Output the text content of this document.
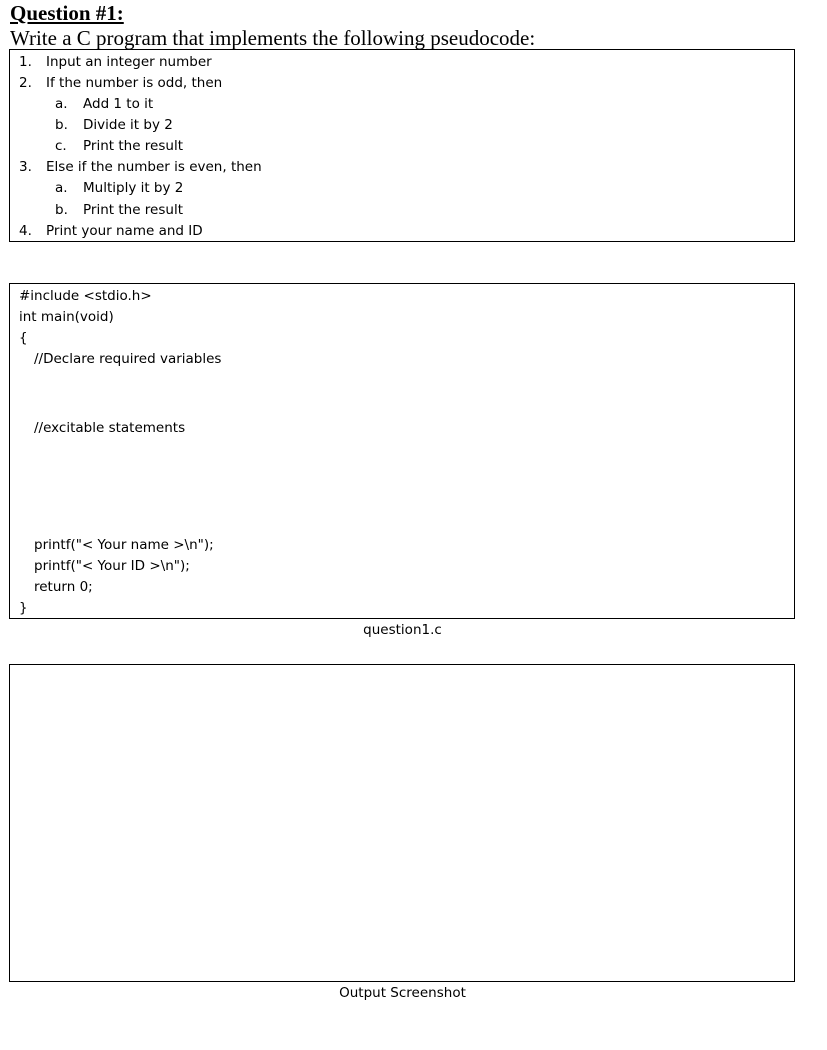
Question #1:
Write a C program that implements the following pseudocode:
1. Input an integer number
2. If the number is odd, then
a. Add 1 to it
b. Divide it by 2
c. Print the result
3. Else if the number is even, then
a. Multiply it by 2
b. Print the result
4. Print your name and ID
#include <stdio.h>
int main(void)
{
//Declare required variables
//excitable statements
printf("< Your name >\n");
printf("< Your ID >\n");
return 0;
}
question1.c
Output Screenshot
